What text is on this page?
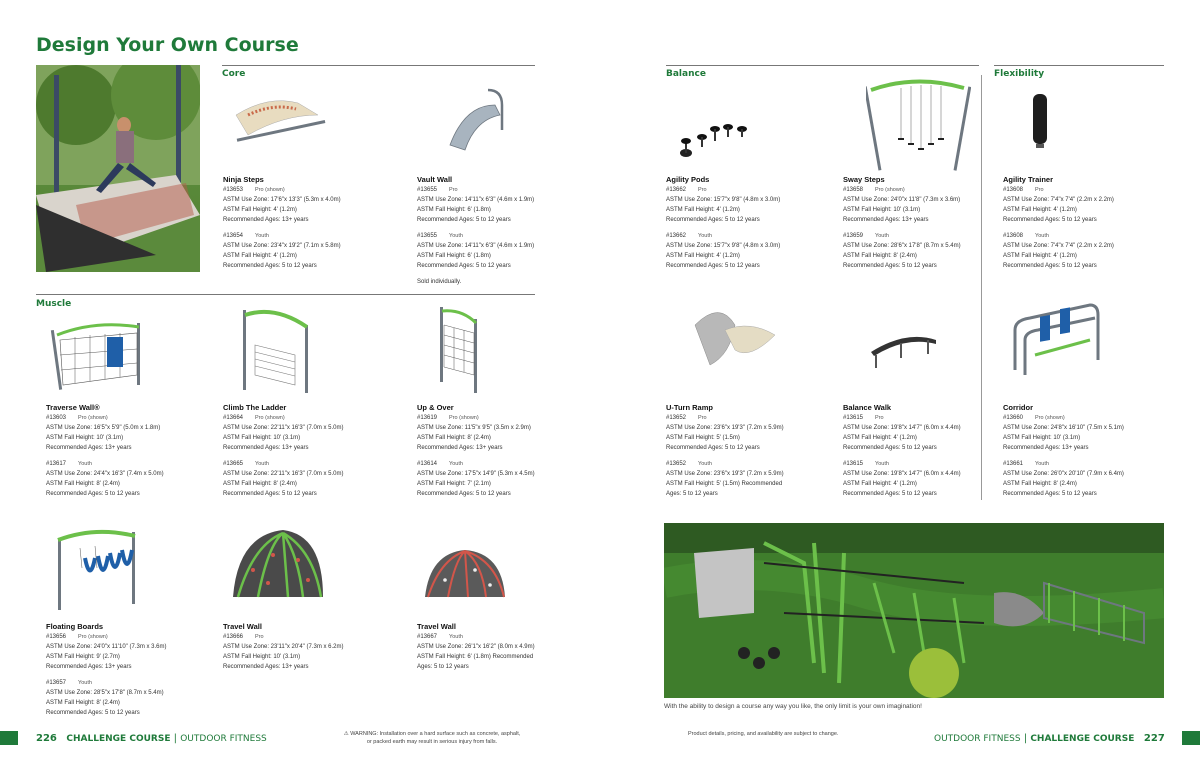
Design Your Own Course
Core
Ninja Steps
#13653 Pro (shown)
ASTM Use Zone: 17'6"x 13'3" (5.3m x 4.0m)
ASTM Fall Height: 4' (1.2m)
Recommended Ages: 13+ years
#13654 Youth
ASTM Use Zone: 23'4"x 19'2" (7.1m x 5.8m)
ASTM Fall Height: 4' (1.2m)
Recommended Ages: 5 to 12 years
Vault Wall
#13655 Pro
ASTM Use Zone: 14'11"x 6'3" (4.6m x 1.9m)
ASTM Fall Height: 6' (1.8m)
Recommended Ages: 5 to 12 years
#13655 Youth
ASTM Use Zone: 14'11"x 6'3" (4.6m x 1.9m)
ASTM Fall Height: 6' (1.8m)
Recommended Ages: 5 to 12 years
Sold individually.
Muscle
Traverse Wall®
#13603 Pro (shown)
ASTM Use Zone: 16'5"x 5'9" (5.0m x 1.8m)
ASTM Fall Height: 10' (3.1m)
Recommended Ages: 13+ years
#13617 Youth
ASTM Use Zone: 24'4"x 16'3" (7.4m x 5.0m)
ASTM Fall Height: 8' (2.4m)
Recommended Ages: 5 to 12 years
Climb The Ladder
#13664 Pro (shown)
ASTM Use Zone: 22'11"x 16'3" (7.0m x 5.0m)
ASTM Fall Height: 10' (3.1m)
Recommended Ages: 13+ years
#13665 Youth
ASTM Use Zone: 22'11"x 16'3" (7.0m x 5.0m)
ASTM Fall Height: 8' (2.4m)
Recommended Ages: 5 to 12 years
Up & Over
#13619 Pro (shown)
ASTM Use Zone: 11'5"x 9'5" (3.5m x 2.9m)
ASTM Fall Height: 8' (2.4m)
Recommended Ages: 13+ years
#13614 Youth
ASTM Use Zone: 17'5"x 14'9" (5.3m x 4.5m)
ASTM Fall Height: 7' (2.1m)
Recommended Ages: 5 to 12 years
Floating Boards
#13656 Pro (shown)
ASTM Use Zone: 24'0"x 11'10" (7.3m x 3.6m)
ASTM Fall Height: 9' (2.7m)
Recommended Ages: 13+ years
#13657 Youth
ASTM Use Zone: 28'5"x 17'8" (8.7m x 5.4m)
ASTM Fall Height: 8' (2.4m)
Recommended Ages: 5 to 12 years
Travel Wall
#13666 Pro
ASTM Use Zone: 23'11"x 20'4" (7.3m x 6.2m)
ASTM Fall Height: 10' (3.1m)
Recommended Ages: 13+ years
Travel Wall
#13667 Youth
ASTM Use Zone: 26'1"x 16'2" (8.0m x 4.9m)
ASTM Fall Height: 6' (1.8m) Recommended Ages: 5 to 12 years
Balance	Flexibility
Agility Pods
#13662 Pro
ASTM Use Zone: 15'7"x 9'8" (4.8m x 3.0m)
ASTM Fall Height: 4' (1.2m)
Recommended Ages: 5 to 12 years
#13662 Youth
ASTM Use Zone: 15'7"x 9'8" (4.8m x 3.0m)
ASTM Fall Height: 4' (1.2m)
Recommended Ages: 5 to 12 years
Sway Steps
#13658 Pro (shown)
ASTM Use Zone: 24'0"x 11'8" (7.3m x 3.6m)
ASTM Fall Height: 10' (3.1m)
Recommended Ages: 13+ years
#13659 Youth
ASTM Use Zone: 28'6"x 17'8" (8.7m x 5.4m)
ASTM Fall Height: 8' (2.4m)
Recommended Ages: 5 to 12 years
Agility Trainer
#13608 Pro
ASTM Use Zone: 7'4"x 7'4" (2.2m x 2.2m)
ASTM Fall Height: 4' (1.2m)
Recommended Ages: 5 to 12 years
#13608 Youth
ASTM Use Zone: 7'4"x 7'4" (2.2m x 2.2m)
ASTM Fall Height: 4' (1.2m)
Recommended Ages: 5 to 12 years
U-Turn Ramp
#13652 Pro
ASTM Use Zone: 23'6"x 19'3" (7.2m x 5.9m)
ASTM Fall Height: 5' (1.5m)
Recommended Ages: 5 to 12 years
#13652 Youth
ASTM Use Zone: 23'6"x 19'3" (7.2m x 5.9m)
ASTM Fall Height: 5' (1.5m) Recommended Ages: 5 to 12 years
Balance Walk
#13615 Pro
ASTM Use Zone: 19'8"x 14'7" (6.0m x 4.4m)
ASTM Fall Height: 4' (1.2m)
Recommended Ages: 5 to 12 years
#13615 Youth
ASTM Use Zone: 19'8"x 14'7" (6.0m x 4.4m)
ASTM Fall Height: 4' (1.2m)
Recommended Ages: 5 to 12 years
Corridor
#13660 Pro (shown)
ASTM Use Zone: 24'8"x 16'10" (7.5m x 5.1m)
ASTM Fall Height: 10' (3.1m)
Recommended Ages: 13+ years
#13661 Youth
ASTM Use Zone: 26'0"x 20'10" (7.9m x 6.4m)
ASTM Fall Height: 8' (2.4m)
Recommended Ages: 5 to 12 years
With the ability to design a course any way you like, the only limit is your own imagination!
226 CHALLENGE COURSE | OUTDOOR FITNESS	⚠ WARNING: Installation over a hard surface such as concrete, asphalt,
or packed earth may result in serious injury from falls.
Product details, pricing, and availability are subject to change.	OUTDOOR FITNESS | CHALLENGE COURSE 227
